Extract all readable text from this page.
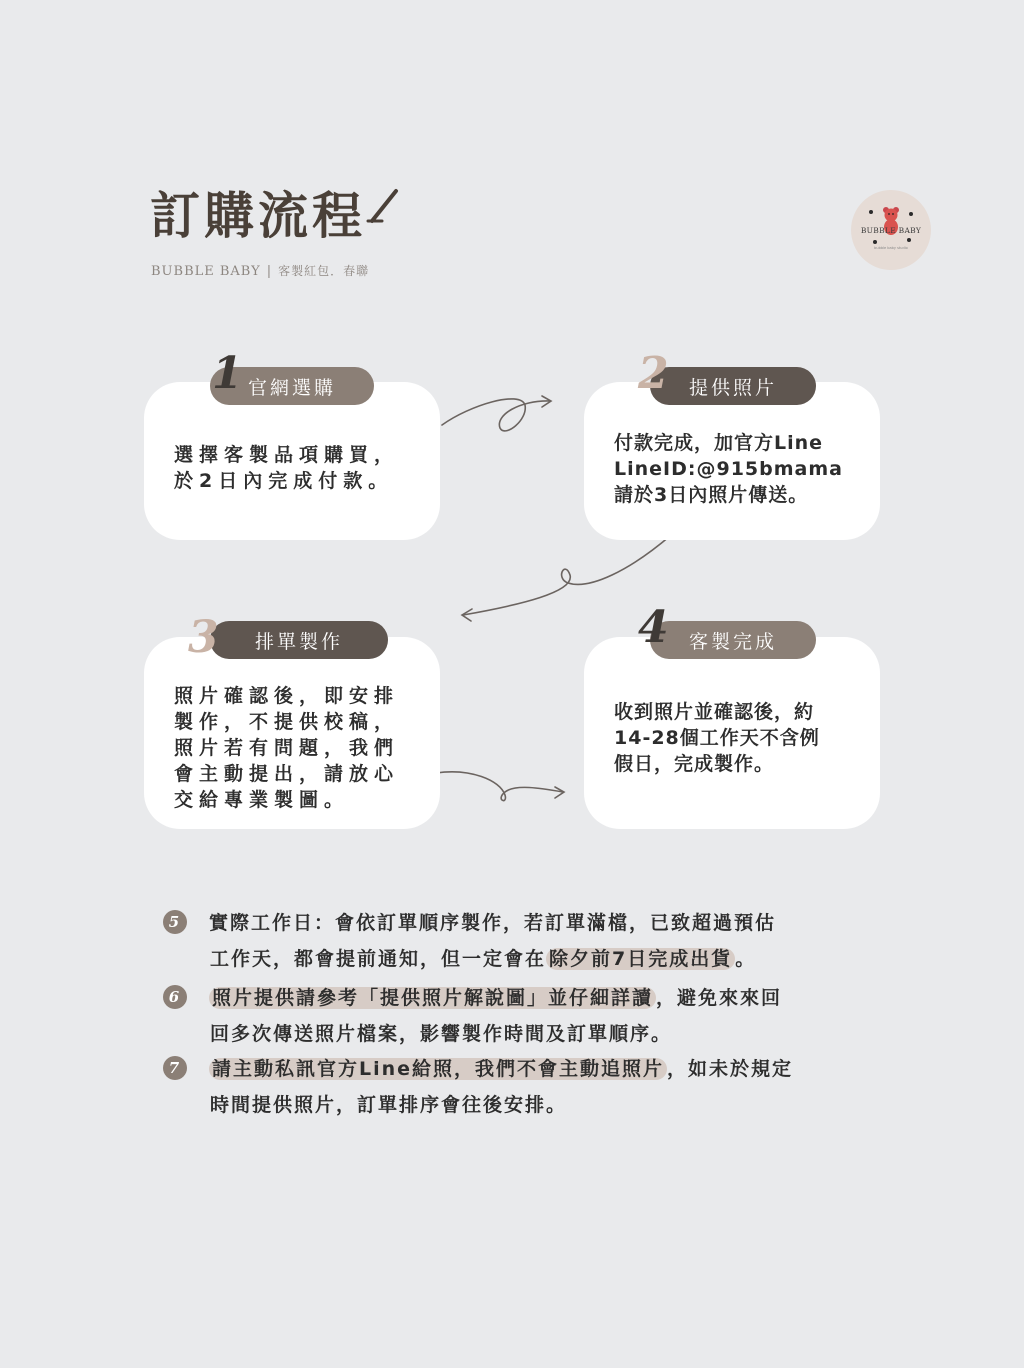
訂購流程
BUBBLE BABY | 客製紅包．春聯
BUBBLE BABY
bubble baby studio
選擇客製品項購買，
於2日內完成付款。
官網選購
1
付款完成，加官方Line
LineID:@915bmama
請於3日內照片傳送。
提供照片
2
照片確認後，即安排
製作，不提供校稿，
照片若有問題，我們
會主動提出，請放心
交給專業製圖。
排單製作
3
收到照片並確認後，約
14-28個工作天不含例
假日，完成製作。
客製完成
4
5 實際工作日：會依訂單順序製作，若訂單滿檔，已致超過預估
工作天，都會提前通知，但一定會在 除夕前7日完成出貨 。
6 照片提供請參考「提供照片解說圖」並仔細詳讀 ，避免來來回
回多次傳送照片檔案，影響製作時間及訂單順序。
7 請主動私訊官方Line給照，我們不會主動追照片 ，如未於規定
時間提供照片，訂單排序會往後安排。
